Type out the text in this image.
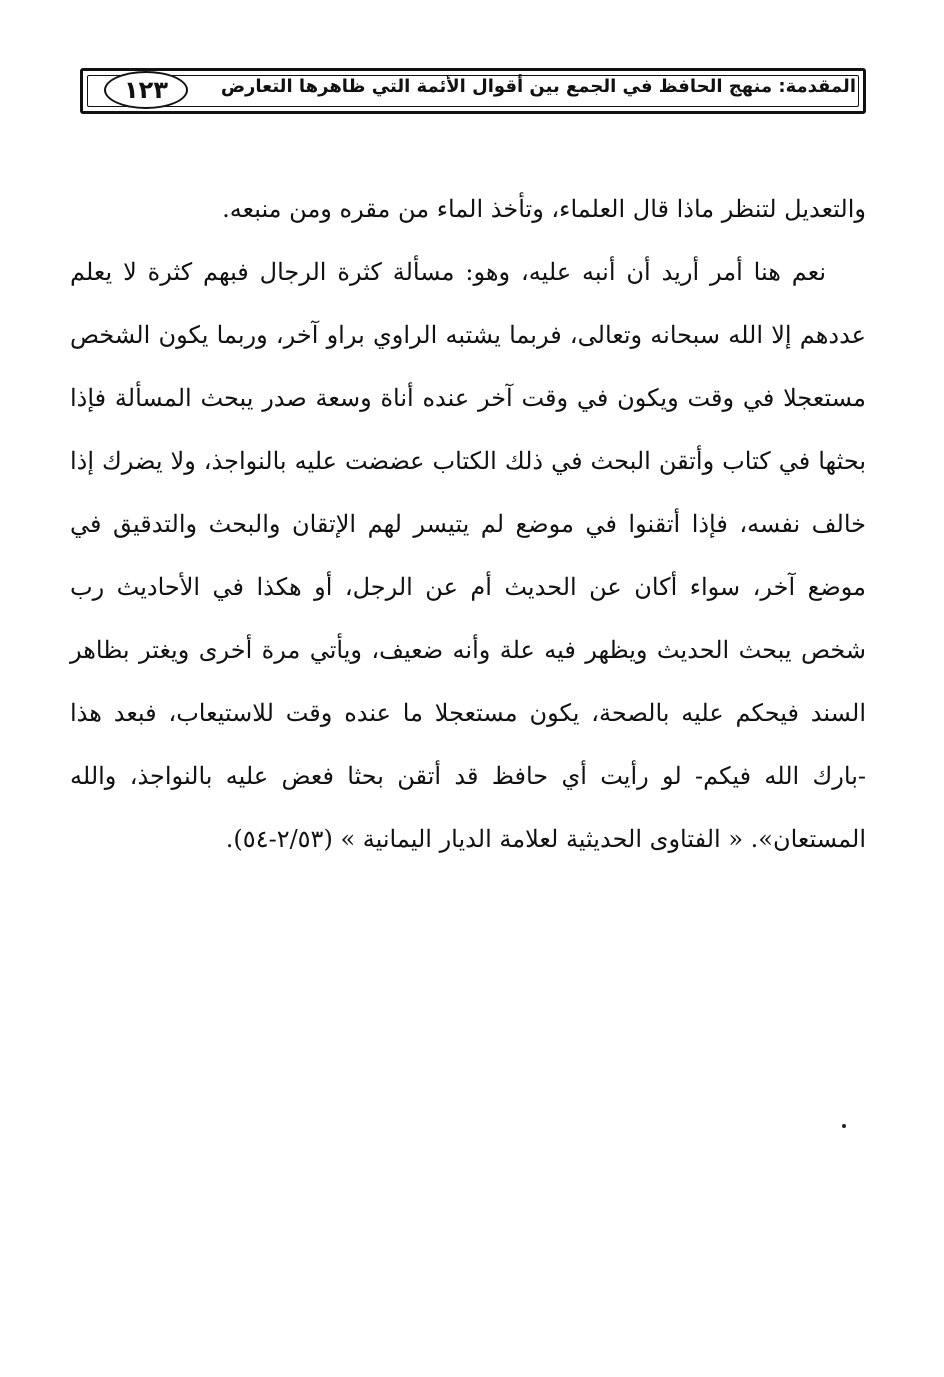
١٢٣	المقدمة: منهج الحافظ في الجمع بين أقوال الأئمة التي ظاهرها التعارض

والتعديل لتنظر ماذا قال العلماء، وتأخذ الماء من مقره ومن منبعه.

نعم هنا أمر أريد أن أنبه عليه، وهو: مسألة كثرة الرجال فبهم كثرة لا يعلم عددهم إلا الله سبحانه وتعالى، فربما يشتبه الراوي براو آخر، وربما يكون الشخص مستعجلا في وقت ويكون في وقت آخر عنده أناة وسعة صدر يبحث المسألة فإذا بحثها في كتاب وأتقن البحث في ذلك الكتاب عضضت عليه بالنواجذ، ولا يضرك إذا خالف نفسه، فإذا أتقنوا في موضع لم يتيسر لهم الإتقان والبحث والتدقيق في موضع آخر، سواء أكان عن الحديث أم عن الرجل، أو هكذا في الأحاديث رب شخص يبحث الحديث ويظهر فيه علة وأنه ضعيف، ويأتي مرة أخرى ويغتر بظاهر السند فيحكم عليه بالصحة، يكون مستعجلا ما عنده وقت للاستيعاب، فبعد هذا -بارك الله فيكم- لو رأيت أي حافظ قد أتقن بحثا فعض عليه بالنواجذ، والله المستعان». « الفتاوى الحديثية لعلامة الديار اليمانية » (٢/٥٣-٥٤).
